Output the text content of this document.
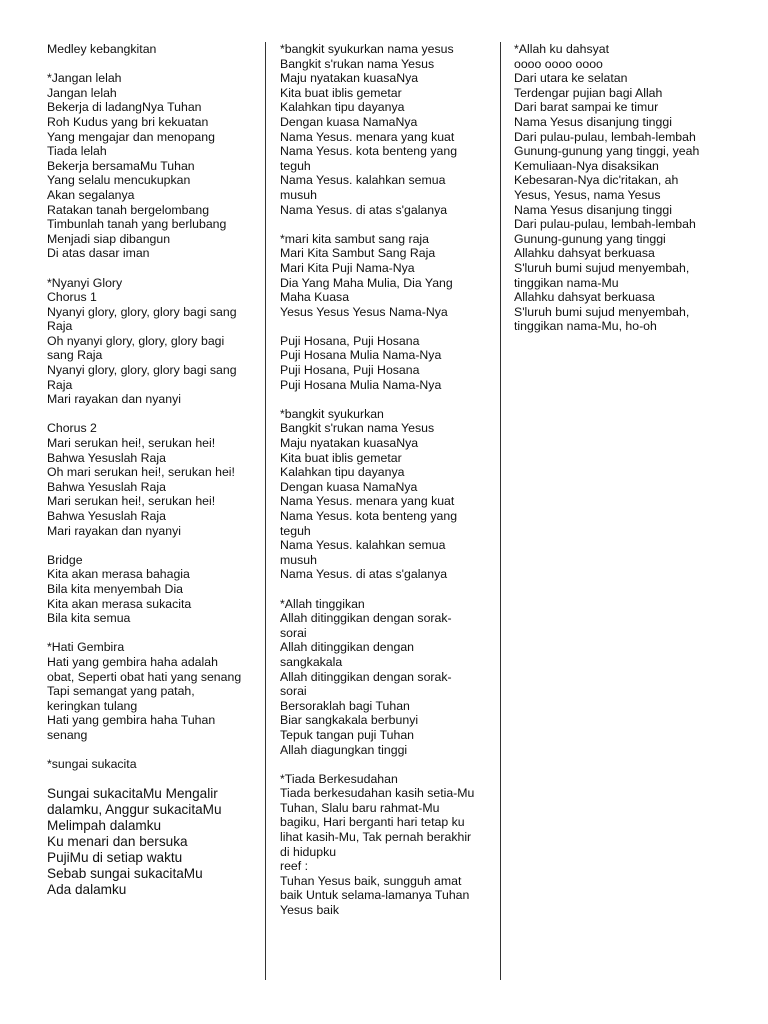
Medley kebangkitan
*Jangan lelah
Jangan lelah
Bekerja di ladangNya Tuhan
Roh Kudus yang bri kekuatan
Yang mengajar dan menopang
Tiada lelah
Bekerja bersamaMu Tuhan
Yang selalu mencukupkan
Akan segalanya
Ratakan tanah bergelombang
Timbunlah tanah yang berlubang
Menjadi siap dibangun
Di atas dasar iman
*Nyanyi Glory
Chorus 1
Nyanyi glory, glory, glory bagi sang
Raja
Oh nyanyi glory, glory, glory bagi
sang Raja
Nyanyi glory, glory, glory bagi sang
Raja
Mari rayakan dan nyanyi
Chorus 2
Mari serukan hei!, serukan hei!
Bahwa Yesuslah Raja
Oh mari serukan hei!, serukan hei!
Bahwa Yesuslah Raja
Mari serukan hei!, serukan hei!
Bahwa Yesuslah Raja
Mari rayakan dan nyanyi
Bridge
Kita akan merasa bahagia
Bila kita menyembah Dia
Kita akan merasa sukacita
Bila kita semua
*Hati Gembira
Hati yang gembira haha adalah
obat, Seperti obat hati yang senang
Tapi semangat yang patah,
keringkan tulang
Hati yang gembira haha Tuhan
senang
*sungai sukacita
Sungai sukacitaMu Mengalir
dalamku, Anggur sukacitaMu
Melimpah dalamku
Ku menari dan bersuka
PujiMu di setiap waktu
Sebab sungai sukacitaMu
Ada dalamku
*bangkit syukurkan nama yesus
Bangkit s'rukan nama Yesus
Maju nyatakan kuasaNya
Kita buat iblis gemetar
Kalahkan tipu dayanya
Dengan kuasa NamaNya
Nama Yesus. menara yang kuat
Nama Yesus. kota benteng yang
teguh
Nama Yesus. kalahkan semua
musuh
Nama Yesus. di atas s'galanya
*mari kita sambut sang raja
Mari Kita Sambut Sang Raja
Mari Kita Puji Nama-Nya
Dia Yang Maha Mulia, Dia Yang
Maha Kuasa
Yesus Yesus Yesus Nama-Nya
Puji Hosana, Puji Hosana
Puji Hosana Mulia Nama-Nya
Puji Hosana, Puji Hosana
Puji Hosana Mulia Nama-Nya
*bangkit syukurkan
Bangkit s'rukan nama Yesus
Maju nyatakan kuasaNya
Kita buat iblis gemetar
Kalahkan tipu dayanya
Dengan kuasa NamaNya
Nama Yesus. menara yang kuat
Nama Yesus. kota benteng yang
teguh
Nama Yesus. kalahkan semua
musuh
Nama Yesus. di atas s'galanya
*Allah tinggikan
Allah ditinggikan dengan sorak-
sorai
Allah ditinggikan dengan
sangkakala
Allah ditinggikan dengan sorak-
sorai
Bersoraklah bagi Tuhan
Biar sangkakala berbunyi
Tepuk tangan puji Tuhan
Allah diagungkan tinggi
*Tiada Berkesudahan
Tiada berkesudahan kasih setia-Mu
Tuhan, Slalu baru rahmat-Mu
bagiku, Hari berganti hari tetap ku
lihat kasih-Mu, Tak pernah berakhir
di hidupku
reef :
Tuhan Yesus baik, sungguh amat
baik Untuk selama-lamanya Tuhan
Yesus baik
*Allah ku dahsyat
oooo oooo oooo
Dari utara ke selatan
Terdengar pujian bagi Allah
Dari barat sampai ke timur
Nama Yesus disanjung tinggi
Dari pulau-pulau, lembah-lembah
Gunung-gunung yang tinggi, yeah
Kemuliaan-Nya disaksikan
Kebesaran-Nya dic'ritakan, ah
Yesus, Yesus, nama Yesus
Nama Yesus disanjung tinggi
Dari pulau-pulau, lembah-lembah
Gunung-gunung yang tinggi
Allahku dahsyat berkuasa
S'luruh bumi sujud menyembah,
tinggikan nama-Mu
Allahku dahsyat berkuasa
S'luruh bumi sujud menyembah,
tinggikan nama-Mu, ho-oh
